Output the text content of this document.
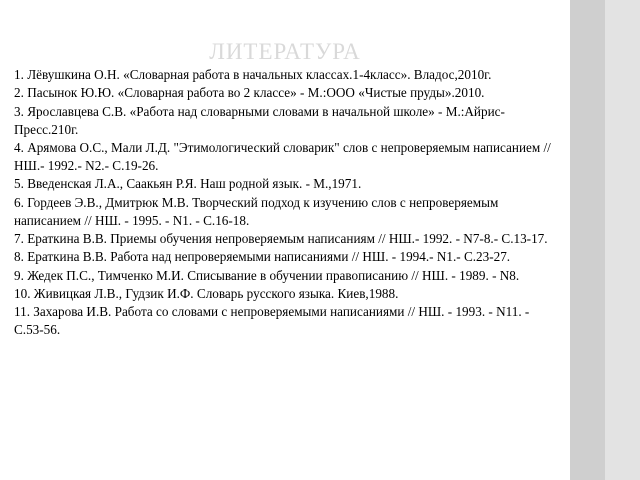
ЛИТЕРАТУРА

1. Лёвушкина О.Н. «Словарная работа в начальных классах.1-4класс». Владос,2010г.

2. Пасынок Ю.Ю. «Словарная работа во 2 классе» - М.:ООО «Чистые пруды».2010.

3. Ярославцева С.В. «Работа над словарными словами в начальной школе» - М.:Айрис-Пресс.210г.

4. Арямова О.С., Мали Л.Д. "Этимологический словарик" слов с непроверяемым написанием // НШ.- 1992.- N2.- С.19-26.

5. Введенская Л.А., Саакьян Р.Я. Наш родной язык. - М.,1971.

6. Гордеев Э.В., Дмитрюк М.В. Творческий подход к изучению слов с непроверяемым написанием // НШ. - 1995. - N1. - С.16-18.

7. Ераткина В.В. Приемы обучения непроверяемым написаниям // НШ.- 1992. - N7-8.- С.13-17.

8. Ераткина В.В. Работа над непроверяемыми написаниями // НШ. - 1994.- N1.- С.23-27.

9. Жедек П.С., Тимченко М.И. Списывание в обучении правописанию // НШ. - 1989. - N8.

10. Живицкая Л.В., Гудзик И.Ф. Словарь русского языка. Киев,1988.

11. Захарова И.В. Работа со словами с непроверяемыми написаниями // НШ. - 1993. - N11. - С.53-56.
